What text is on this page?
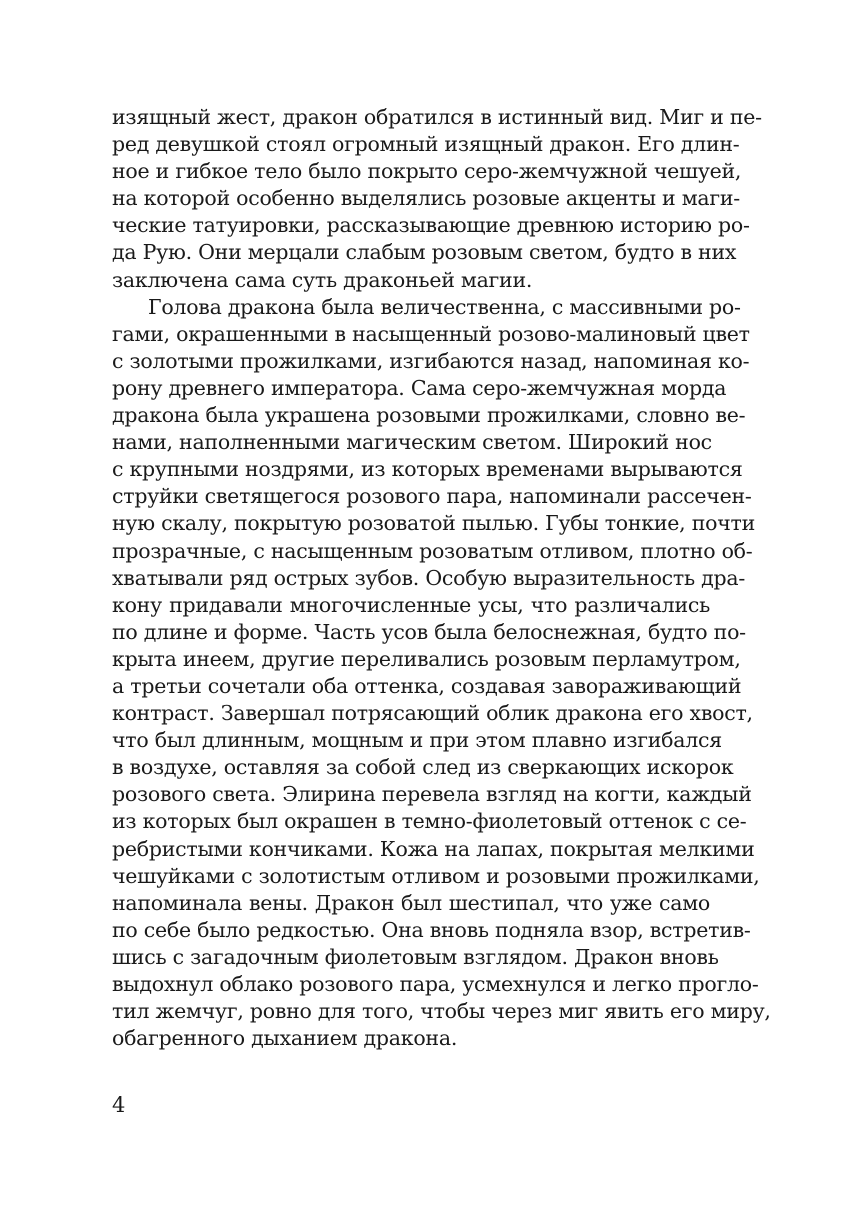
изящный жест, дракон обратился в истинный вид. Миг и пе-
ред девушкой стоял огромный изящный дракон. Его длин-
ное и гибкое тело было покрыто серо-жемчужной чешуей,
на которой особенно выделялись розовые акценты и маги-
ческие татуировки, рассказывающие древнюю историю ро-
да Рую. Они мерцали слабым розовым светом, будто в них
заключена сама суть драконьей магии.
Голова дракона была величественна, с массивными ро-
гами, окрашенными в насыщенный розово-малиновый цвет
с золотыми прожилками, изгибаются назад, напоминая ко-
рону древнего императора. Сама серо-жемчужная морда
дракона была украшена розовыми прожилками, словно ве-
нами, наполненными магическим светом. Широкий нос
с крупными ноздрями, из которых временами вырываются
струйки светящегося розового пара, напоминали рассечен-
ную скалу, покрытую розоватой пылью. Губы тонкие, почти
прозрачные, с насыщенным розоватым отливом, плотно об-
хватывали ряд острых зубов. Особую выразительность дра-
кону придавали многочисленные усы, что различались
по длине и форме. Часть усов была белоснежная, будто по-
крыта инеем, другие переливались розовым перламутром,
а третьи сочетали оба оттенка, создавая завораживающий
контраст. Завершал потрясающий облик дракона его хвост,
что был длинным, мощным и при этом плавно изгибался
в воздухе, оставляя за собой след из сверкающих искорок
розового света. Элирина перевела взгляд на когти, каждый
из которых был окрашен в темно-фиолетовый оттенок с се-
ребристыми кончиками. Кожа на лапах, покрытая мелкими
чешуйками с золотистым отливом и розовыми прожилками,
напоминала вены. Дракон был шестипал, что уже само
по себе было редкостью. Она вновь подняла взор, встретив-
шись с загадочным фиолетовым взглядом. Дракон вновь
выдохнул облако розового пара, усмехнулся и легко прогло-
тил жемчуг, ровно для того, чтобы через миг явить его миру,
обагренного дыханием дракона.
4
